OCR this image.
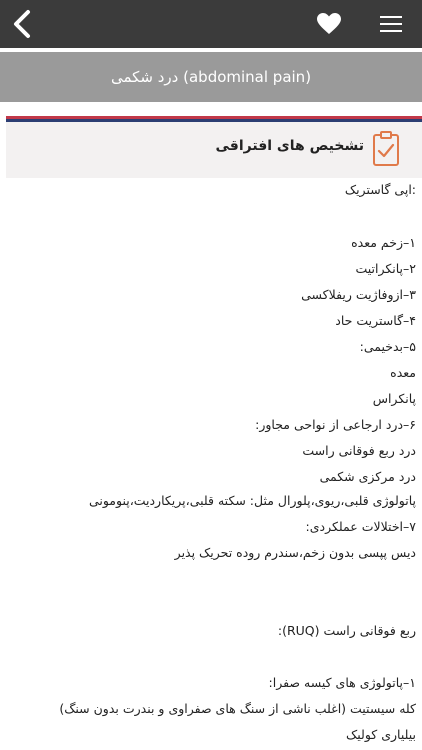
درد شکمی (abdominal pain)
تشخیص های افتراقی
:اپی گاستریک
۱–زخم معده
۲–پانکراتیت
۳–ازوفاژیت ریفلاکسی
۴–گاستریت حاد
۵–بدخیمی:
معده
پانکراس
۶–درد ارجاعی از نواحی مجاور:
درد ربع فوقانی راست
درد مرکزی شکمی
پاتولوژی قلبی،ریوی،پلورال مثل: سکته قلبی،پریکاردیت،پنومونی
۷–اختلالات عملکردی:
دیس پپسی بدون زخم،سندرم روده تحریک پذیر
ربع فوقانی راست (RUQ):
۱–پاتولوژی های کیسه صفرا:
کله سیستیت (اغلب ناشی از سنگ های صفراوی و بندرت بدون سنگ)
بیلیاری کولیک
